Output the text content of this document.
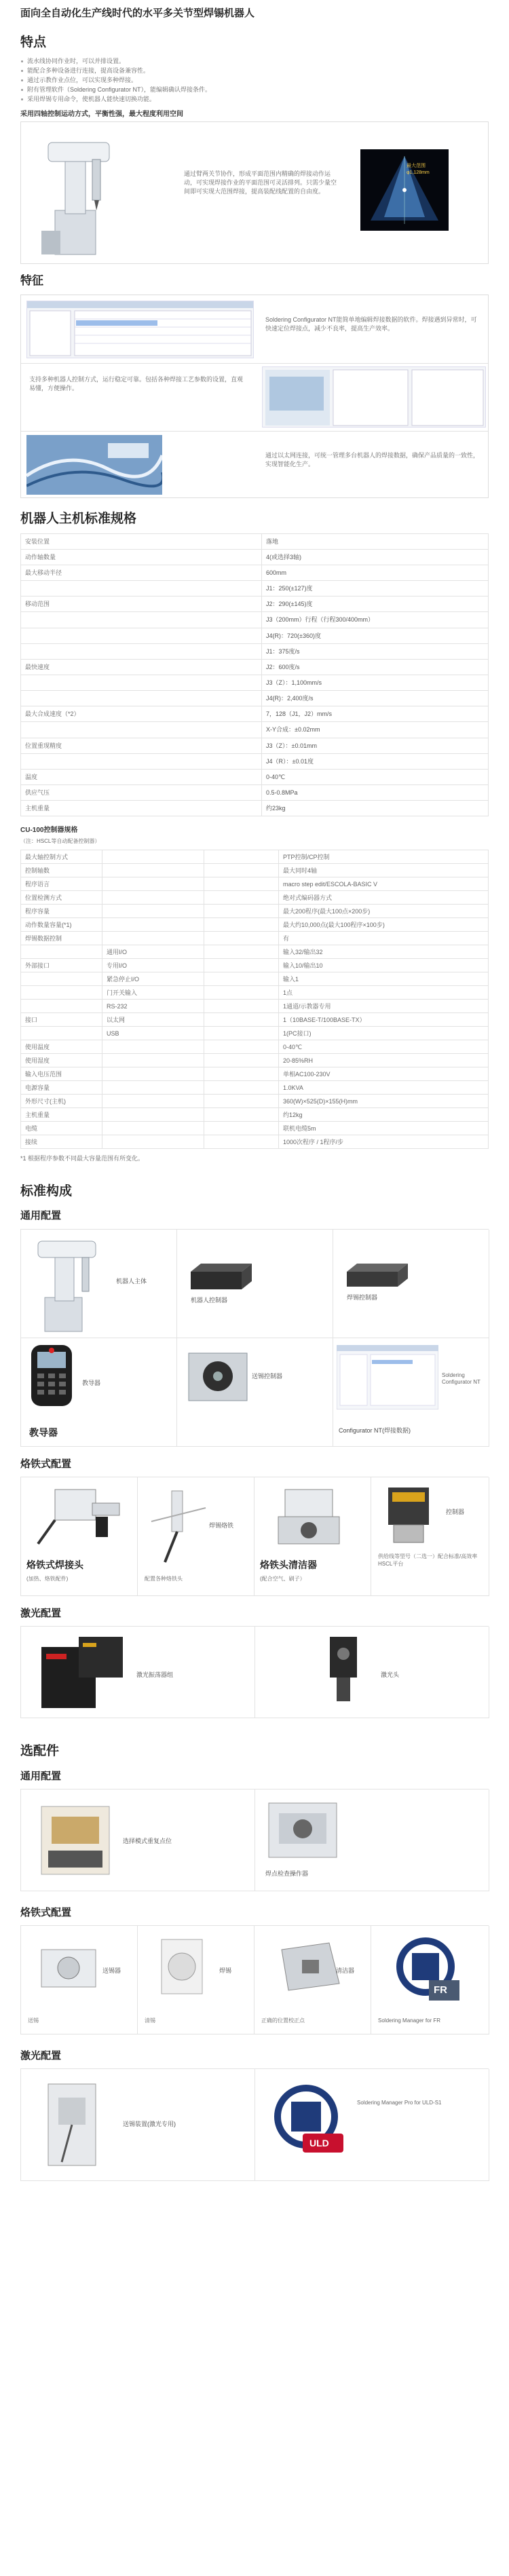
面向全自动化生产线时代的水平多关节型焊锡机器人
特点
流水线协同作业时，可以并排设置。
能配合多种设备进行连接，提高设备兼容性。
通过示教作业点位，可以实现多种焊接。
附有管理软件（Soldering Configurator NT），能编辑确认焊接条件。
采用焊锡专用命令，使机器人能快速切换功能。
采用四轴控制运动方式，平衡性强，最大程度利用空间
通过臂两关节协作，形成平面范围内精确的焊接动作运动，可实现焊接作业的平面范围可灵活排列。只需少量空间即可实现大范围焊接，提高装配线配置的自由度。
最大范围 φ1,128mm
特征
Soldering Configurator NT能简单地编辑焊接数据的软件。焊接遇到异常时，可快速定位焊接点，减少不良率，提高生产效率。
支持多种机器人控制方式，运行稳定可靠。包括各种焊接工艺参数的设置，直观易懂，方便操作。
通过以太网连接，可统一管理多台机器人的焊接数据，确保产品质量的一致性，实现智能化生产。
机器人主机标准规格
安装位置	落地
动作轴数量	4(或选择3轴)
最大移动半径	600mm
J1：250(±127)度
移动范围	J2：290(±145)度
J3（200mm）行程（行程300/400mm）
J4(R)：720(±360)度
J1：375度/s
最快速度	J2：600度/s
J3（Z）：1,100mm/s
J4(R)：2,400度/s
最大合成速度（*2）	7，128（J1，J2）mm/s
X-Y合成：±0.02mm
位置重现精度	J3（Z）：±0.01mm
J4（R）：±0.01度
温度	0-40℃
供应气压	0.5-0.8MPa
主机重量	约23kg
CU-100控制器规格
（注：HSCL等自动配备控制器）
最大轴控制方式	PTP控制/CP控制
控制轴数	最大同时4轴
程序语言	macro step edit/ESCOLA-BASIC V
位置检测方式	绝对式编码器方式
程序容量	最大200程序(最大100点×200步)
动作数量容量(*1)	最大约10,000点(最大100程序×100步)
焊锡数据控制	有
通用I/O	输入32/输出32
外部接口	专用I/O	输入10/输出10
紧急停止I/O	输入1
门开关输入	1点
RS-232	1通道/示教器专用
接口	以太网	1（10BASE-T/100BASE-TX）
USB	1(PC接口)
使用温度	0-40℃
使用湿度	20-85%RH
输入电压范围	单相AC100-230V
电源容量	1.0KVA
外形尺寸(主机)	360(W)×525(D)×155(H)mm
主机重量	约12kg
电缆	联机电缆5m
接续	1000次程序 / 1程序/步
*1 根据程序参数不同最大容量范围有所变化。
标准构成
通用配置
机器人主体
机器人控制器	焊锡控制器
教导器
教导器
送锡控制器	Soldering Configurator NT
Configurator NT(焊接数据)
烙铁式配置
烙铁式焊接头
(加热、烙铁配件)
焊锡烙铁
配置各种烙铁头
烙铁头清洁器
(配合空气、刷子）
控制器
供给线等型号（二选一）配合标准/高效率HSCL平台
激光配置
激光振荡器组	激光头
选配件
通用配置
选择模式重复点位
焊点检查操作器
烙铁式配置
送锡器
送锡
焊锡
清锡
清洁器
正确的位置校正点
FR
Soldering Manager for FR
激光配置
送锡装置(激光专用)
ULD
Soldering Manager Pro for ULD-S1
